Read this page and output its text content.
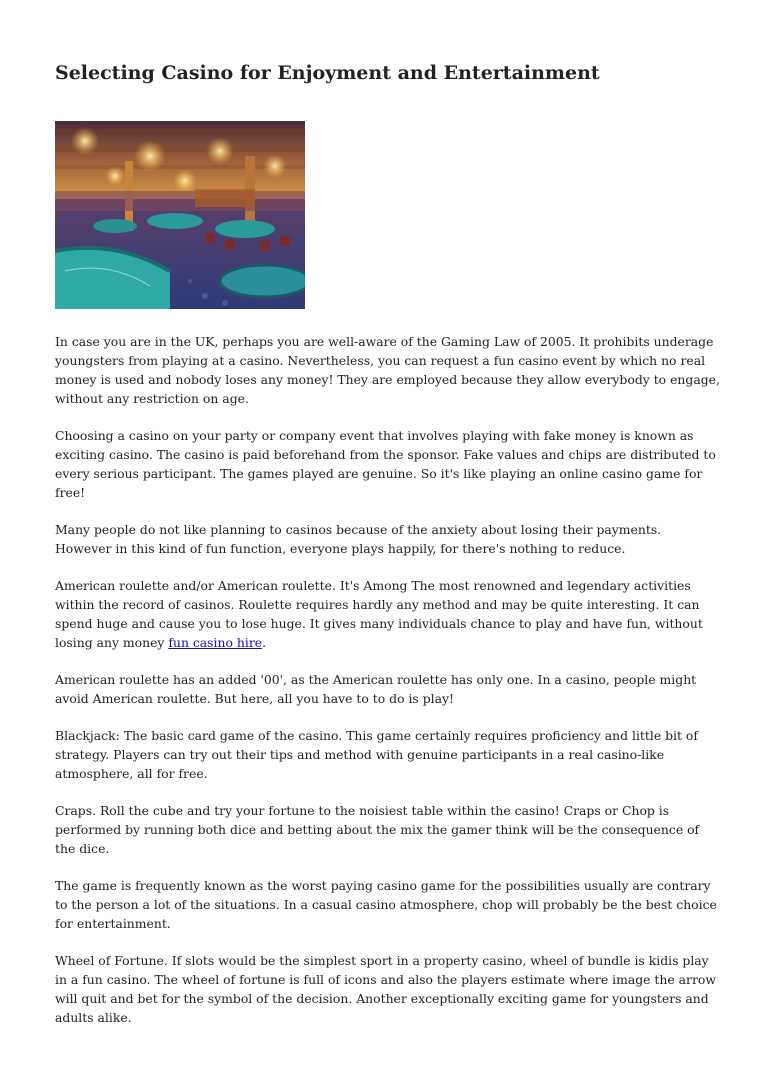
Selecting Casino for Enjoyment and Entertainment

In case you are in the UK, perhaps you are well-aware of the Gaming Law of 2005. It prohibits underage youngsters from playing at a casino. Nevertheless, you can request a fun casino event by which no real money is used and nobody loses any money! They are employed because they allow everybody to engage, without any restriction on age.

Choosing a casino on your party or company event that involves playing with fake money is known as exciting casino. The casino is paid beforehand from the sponsor. Fake values and chips are distributed to every serious participant. The games played are genuine. So it's like playing an online casino game for free!

Many people do not like planning to casinos because of the anxiety about losing their payments. However in this kind of fun function, everyone plays happily, for there's nothing to reduce.

American roulette and/or American roulette. It's Among The most renowned and legendary activities within the record of casinos. Roulette requires hardly any method and may be quite interesting. It can spend huge and cause you to lose huge. It gives many individuals chance to play and have fun, without losing any money fun casino hire.

American roulette has an added '00', as the American roulette has only one. In a casino, people might avoid American roulette. But here, all you have to to do is play!

Blackjack: The basic card game of the casino. This game certainly requires proficiency and little bit of strategy. Players can try out their tips and method with genuine participants in a real casino-like atmosphere, all for free.

Craps. Roll the cube and try your fortune to the noisiest table within the casino! Craps or Chop is performed by running both dice and betting about the mix the gamer think will be the consequence of the dice.

The game is frequently known as the worst paying casino game for the possibilities usually are contrary to the person a lot of the situations. In a casual casino atmosphere, chop will probably be the best choice for entertainment.

Wheel of Fortune. If slots would be the simplest sport in a property casino, wheel of bundle is kidis play in a fun casino. The wheel of fortune is full of icons and also the players estimate where image the arrow will quit and bet for the symbol of the decision. Another exceptionally exciting game for youngsters and adults alike.
